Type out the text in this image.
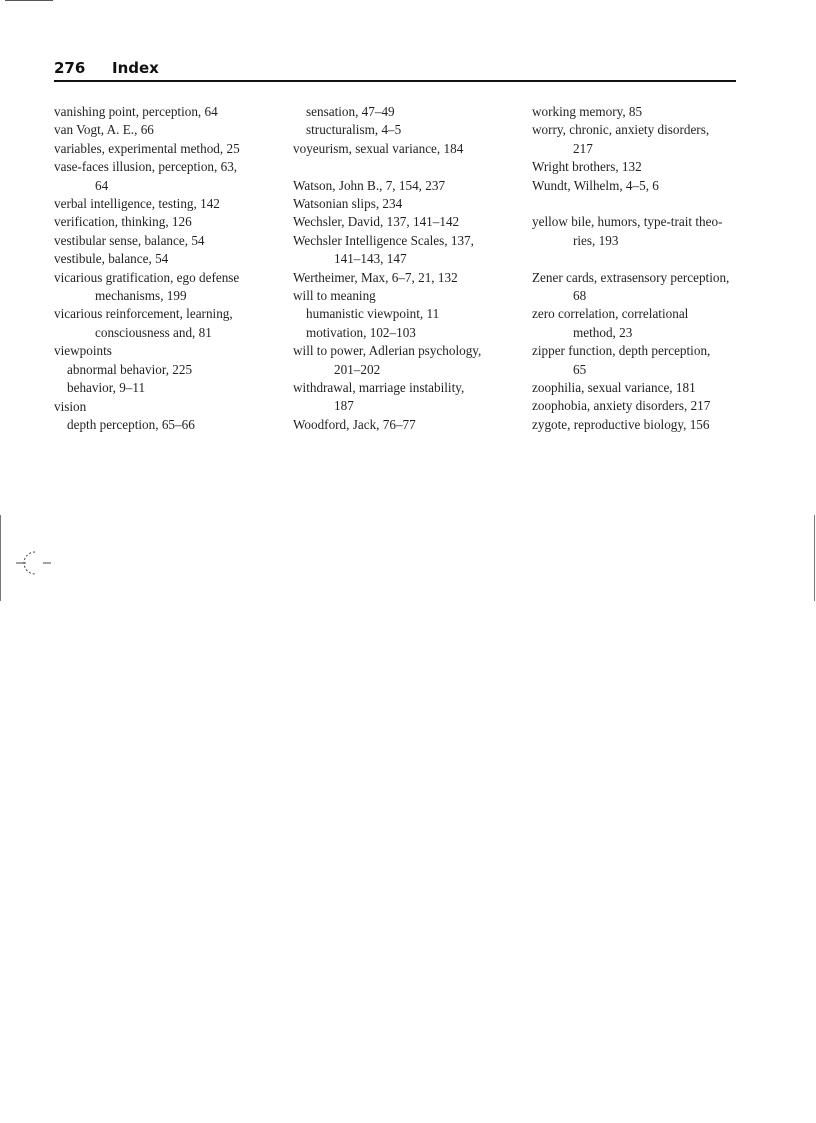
276 Index
vanishing point, perception, 64
van Vogt, A. E., 66
variables, experimental method, 25
vase-faces illusion, perception, 63,
64
verbal intelligence, testing, 142
verification, thinking, 126
vestibular sense, balance, 54
vestibule, balance, 54
vicarious gratification, ego defense
mechanisms, 199
vicarious reinforcement, learning,
consciousness and, 81
viewpoints
abnormal behavior, 225
behavior, 9–11
vision
depth perception, 65–66
sensation, 47–49
structuralism, 4–5
voyeurism, sexual variance, 184
Watson, John B., 7, 154, 237
Watsonian slips, 234
Wechsler, David, 137, 141–142
Wechsler Intelligence Scales, 137,
141–143, 147
Wertheimer, Max, 6–7, 21, 132
will to meaning
humanistic viewpoint, 11
motivation, 102–103
will to power, Adlerian psychology,
201–202
withdrawal, marriage instability,
187
Woodford, Jack, 76–77
working memory, 85
worry, chronic, anxiety disorders,
217
Wright brothers, 132
Wundt, Wilhelm, 4–5, 6
yellow bile, humors, type-trait theo-
ries, 193
Zener cards, extrasensory perception,
68
zero correlation, correlational
method, 23
zipper function, depth perception,
65
zoophilia, sexual variance, 181
zoophobia, anxiety disorders, 217
zygote, reproductive biology, 156
